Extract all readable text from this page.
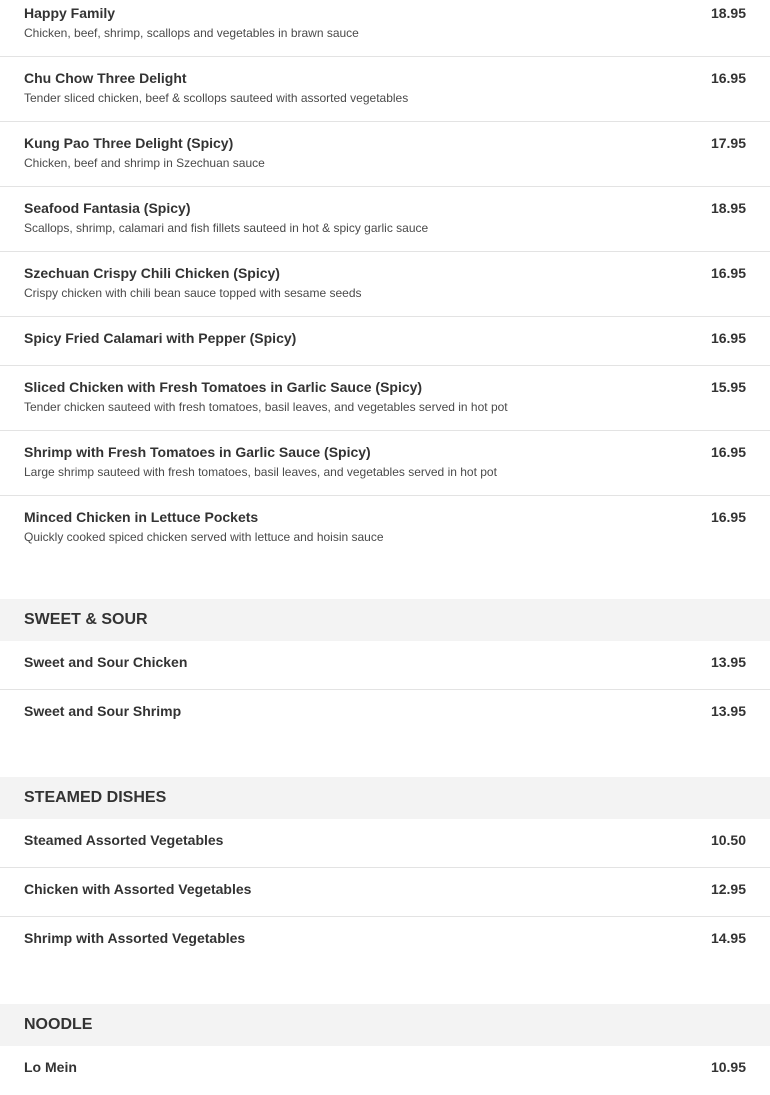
Happy Family
Chicken, beef, shrimp, scallops and vegetables in brawn sauce
18.95
Chu Chow Three Delight
Tender sliced chicken, beef & scollops sauteed with assorted vegetables
16.95
Kung Pao Three Delight (Spicy)
Chicken, beef and shrimp in Szechuan sauce
17.95
Seafood Fantasia (Spicy)
Scallops, shrimp, calamari and fish fillets sauteed in hot & spicy garlic sauce
18.95
Szechuan Crispy Chili Chicken (Spicy)
Crispy chicken with chili bean sauce topped with sesame seeds
16.95
Spicy Fried Calamari with Pepper (Spicy)	16.95
Sliced Chicken with Fresh Tomatoes in Garlic Sauce (Spicy)
Tender chicken sauteed with fresh tomatoes, basil leaves, and vegetables served in hot pot
15.95
Shrimp with Fresh Tomatoes in Garlic Sauce (Spicy)
Large shrimp sauteed with fresh tomatoes, basil leaves, and vegetables served in hot pot
16.95
Minced Chicken in Lettuce Pockets
Quickly cooked spiced chicken served with lettuce and hoisin sauce
16.95
SWEET & SOUR
Sweet and Sour Chicken	13.95
Sweet and Sour Shrimp	13.95
STEAMED DISHES
Steamed Assorted Vegetables	10.50
Chicken with Assorted Vegetables	12.95
Shrimp with Assorted Vegetables	14.95
NOODLE
Lo Mein	10.95
